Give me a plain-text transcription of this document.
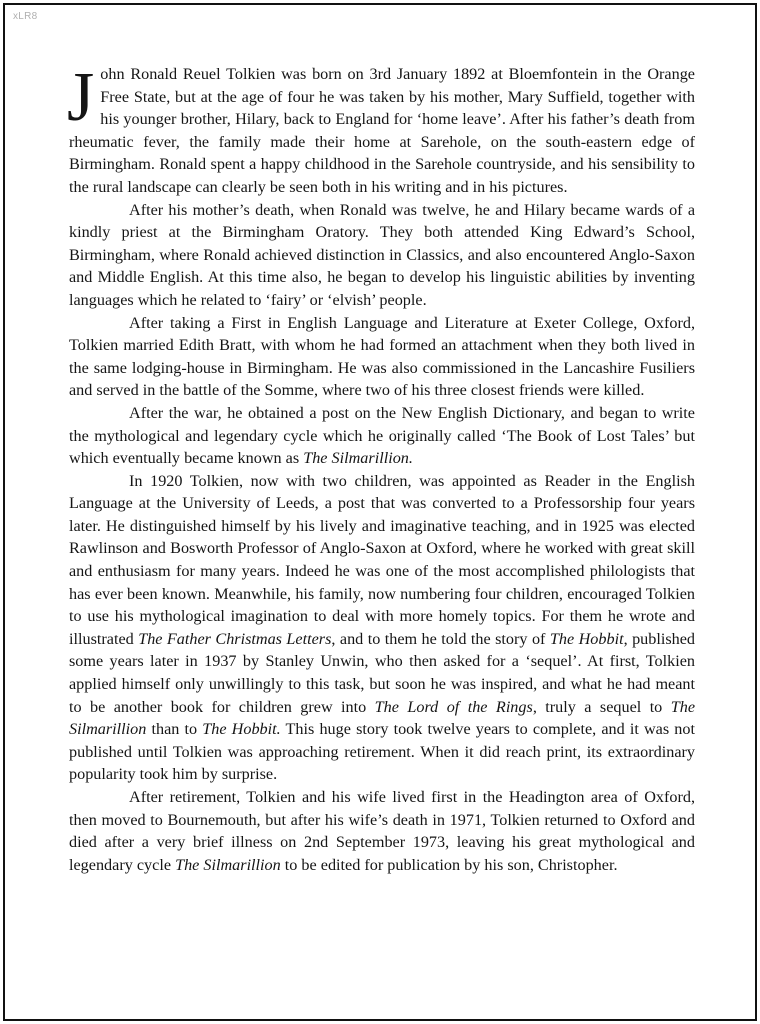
xLR8

John Ronald Reuel Tolkien was born on 3rd January 1892 at Bloemfontein in the Orange Free State, but at the age of four he was taken by his mother, Mary Suffield, together with his younger brother, Hilary, back to England for ‘home leave’. After his father’s death from rheumatic fever, the family made their home at Sarehole, on the south-eastern edge of Birmingham. Ronald spent a happy childhood in the Sarehole countryside, and his sensibility to the rural landscape can clearly be seen both in his writing and in his pictures.

After his mother’s death, when Ronald was twelve, he and Hilary became wards of a kindly priest at the Birmingham Oratory. They both attended King Edward’s School, Birmingham, where Ronald achieved distinction in Classics, and also encountered Anglo-Saxon and Middle English. At this time also, he began to develop his linguistic abilities by inventing languages which he related to ‘fairy’ or ‘elvish’ people.

After taking a First in English Language and Literature at Exeter College, Oxford, Tolkien married Edith Bratt, with whom he had formed an attachment when they both lived in the same lodging-house in Birmingham. He was also commissioned in the Lancashire Fusiliers and served in the battle of the Somme, where two of his three closest friends were killed.

After the war, he obtained a post on the New English Dictionary, and began to write the mythological and legendary cycle which he originally called ‘The Book of Lost Tales’ but which eventually became known as The Silmarillion.

In 1920 Tolkien, now with two children, was appointed as Reader in the English Language at the University of Leeds, a post that was converted to a Professorship four years later. He distinguished himself by his lively and imaginative teaching, and in 1925 was elected Rawlinson and Bosworth Professor of Anglo-Saxon at Oxford, where he worked with great skill and enthusiasm for many years. Indeed he was one of the most accomplished philologists that has ever been known. Meanwhile, his family, now numbering four children, encouraged Tolkien to use his mythological imagination to deal with more homely topics. For them he wrote and illustrated The Father Christmas Letters, and to them he told the story of The Hobbit, published some years later in 1937 by Stanley Unwin, who then asked for a ‘sequel’. At first, Tolkien applied himself only unwillingly to this task, but soon he was inspired, and what he had meant to be another book for children grew into The Lord of the Rings, truly a sequel to The Silmarillion than to The Hobbit. This huge story took twelve years to complete, and it was not published until Tolkien was approaching retirement. When it did reach print, its extraordinary popularity took him by surprise.

After retirement, Tolkien and his wife lived first in the Headington area of Oxford, then moved to Bournemouth, but after his wife’s death in 1971, Tolkien returned to Oxford and died after a very brief illness on 2nd September 1973, leaving his great mythological and legendary cycle The Silmarillion to be edited for publication by his son, Christopher.
